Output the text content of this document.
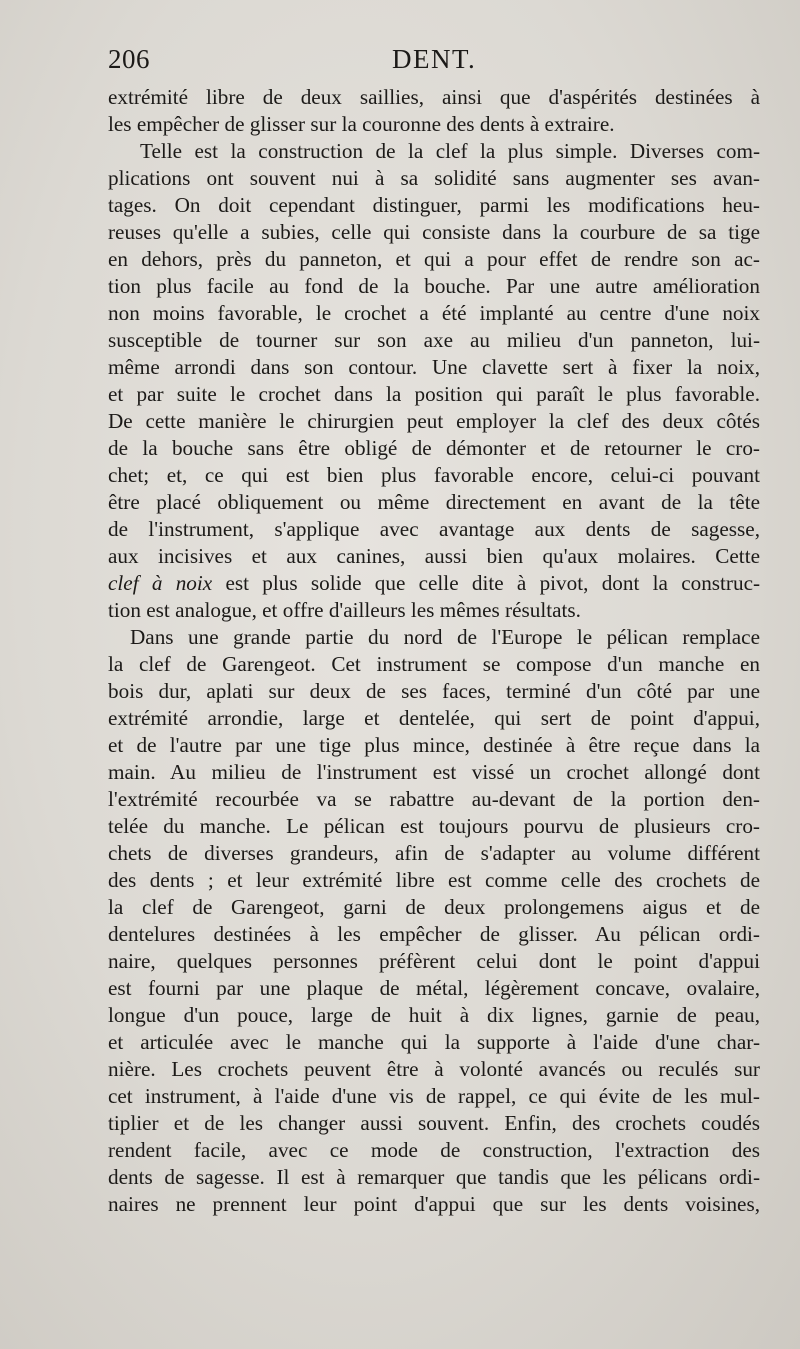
206	DENT.
extrémité libre de deux saillies, ainsi que d'aspérités destinées à
les empêcher de glisser sur la couronne des dents à extraire.
Telle est la construction de la clef la plus simple. Diverses com-
plications ont souvent nui à sa solidité sans augmenter ses avan-
tages. On doit cependant distinguer, parmi les modifications heu-
reuses qu'elle a subies, celle qui consiste dans la courbure de sa tige
en dehors, près du panneton, et qui a pour effet de rendre son ac-
tion plus facile au fond de la bouche. Par une autre amélioration
non moins favorable, le crochet a été implanté au centre d'une noix
susceptible de tourner sur son axe au milieu d'un panneton, lui-
même arrondi dans son contour. Une clavette sert à fixer la noix,
et par suite le crochet dans la position qui paraît le plus favorable.
De cette manière le chirurgien peut employer la clef des deux côtés
de la bouche sans être obligé de démonter et de retourner le cro-
chet; et, ce qui est bien plus favorable encore, celui-ci pouvant
être placé obliquement ou même directement en avant de la tête
de l'instrument, s'applique avec avantage aux dents de sagesse,
aux incisives et aux canines, aussi bien qu'aux molaires. Cette
clef à noix est plus solide que celle dite à pivot, dont la construc-
tion est analogue, et offre d'ailleurs les mêmes résultats.
Dans une grande partie du nord de l'Europe le pélican remplace
la clef de Garengeot. Cet instrument se compose d'un manche en
bois dur, aplati sur deux de ses faces, terminé d'un côté par une
extrémité arrondie, large et dentelée, qui sert de point d'appui,
et de l'autre par une tige plus mince, destinée à être reçue dans la
main. Au milieu de l'instrument est vissé un crochet allongé dont
l'extrémité recourbée va se rabattre au-devant de la portion den-
telée du manche. Le pélican est toujours pourvu de plusieurs cro-
chets de diverses grandeurs, afin de s'adapter au volume différent
des dents ; et leur extrémité libre est comme celle des crochets de
la clef de Garengeot, garni de deux prolongemens aigus et de
dentelures destinées à les empêcher de glisser. Au pélican ordi-
naire, quelques personnes préfèrent celui dont le point d'appui
est fourni par une plaque de métal, légèrement concave, ovalaire,
longue d'un pouce, large de huit à dix lignes, garnie de peau,
et articulée avec le manche qui la supporte à l'aide d'une char-
nière. Les crochets peuvent être à volonté avancés ou reculés sur
cet instrument, à l'aide d'une vis de rappel, ce qui évite de les mul-
tiplier et de les changer aussi souvent. Enfin, des crochets coudés
rendent facile, avec ce mode de construction, l'extraction des
dents de sagesse. Il est à remarquer que tandis que les pélicans ordi-
naires ne prennent leur point d'appui que sur les dents voisines,
